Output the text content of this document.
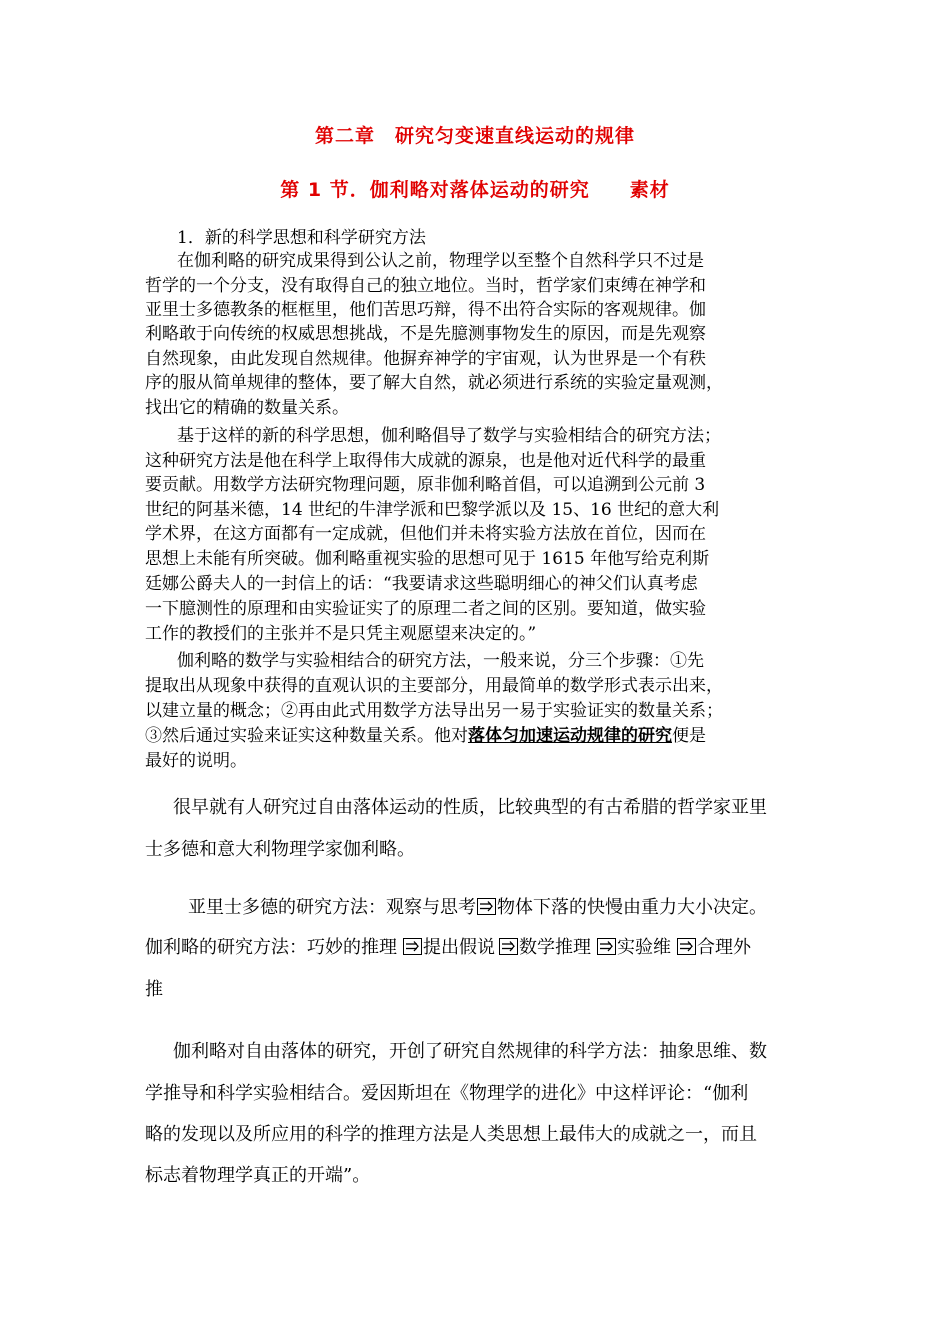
第二章　研究匀变速直线运动的规律
第 1 节．伽利略对落体运动的研究　　素材
1．新的科学思想和科学研究方法
在伽利略的研究成果得到公认之前，物理学以至整个自然科学只不过是
哲学的一个分支，没有取得自己的独立地位。当时，哲学家们束缚在神学和
亚里士多德教条的框框里，他们苦思巧辩，得不出符合实际的客观规律。伽
利略敢于向传统的权威思想挑战，不是先臆测事物发生的原因，而是先观察
自然现象，由此发现自然规律。他摒弃神学的宇宙观，认为世界是一个有秩
序的服从简单规律的整体，要了解大自然，就必须进行系统的实验定量观测，
找出它的精确的数量关系。
基于这样的新的科学思想，伽利略倡导了数学与实验相结合的研究方法；
这种研究方法是他在科学上取得伟大成就的源泉，也是他对近代科学的最重
要贡献。用数学方法研究物理问题，原非伽利略首倡，可以追溯到公元前 3
世纪的阿基米德，14 世纪的牛津学派和巴黎学派以及 15、16 世纪的意大利
学术界，在这方面都有一定成就，但他们并未将实验方法放在首位，因而在
思想上未能有所突破。伽利略重视实验的思想可见于 1615 年他写给克利斯
廷娜公爵夫人的一封信上的话：“我要请求这些聪明细心的神父们认真考虑
一下臆测性的原理和由实验证实了的原理二者之间的区别。要知道，做实验
工作的教授们的主张并不是只凭主观愿望来决定的。”
伽利略的数学与实验相结合的研究方法，一般来说，分三个步骤：①先
提取出从现象中获得的直观认识的主要部分，用最简单的数学形式表示出来，
以建立量的概念；②再由此式用数学方法导出另一易于实验证实的数量关系；
③然后通过实验来证实这种数量关系。他对落体匀加速运动规律的研究便是
最好的说明。
很早就有人研究过自由落体运动的性质，比较典型的有古希腊的哲学家亚里
士多德和意大利物理学家伽利略。
亚里士多德的研究方法：观察与思考 物体下落的快慢由重力大小决定。
伽利略的研究方法：巧妙的推理 提出假说 数学推理 实验维 合理外
推
伽利略对自由落体的研究，开创了研究自然规律的科学方法：抽象思维、数
学推导和科学实验相结合。爱因斯坦在《物理学的进化》中这样评论：“伽利
略的发现以及所应用的科学的推理方法是人类思想上最伟大的成就之一，而且
标志着物理学真正的开端”。
